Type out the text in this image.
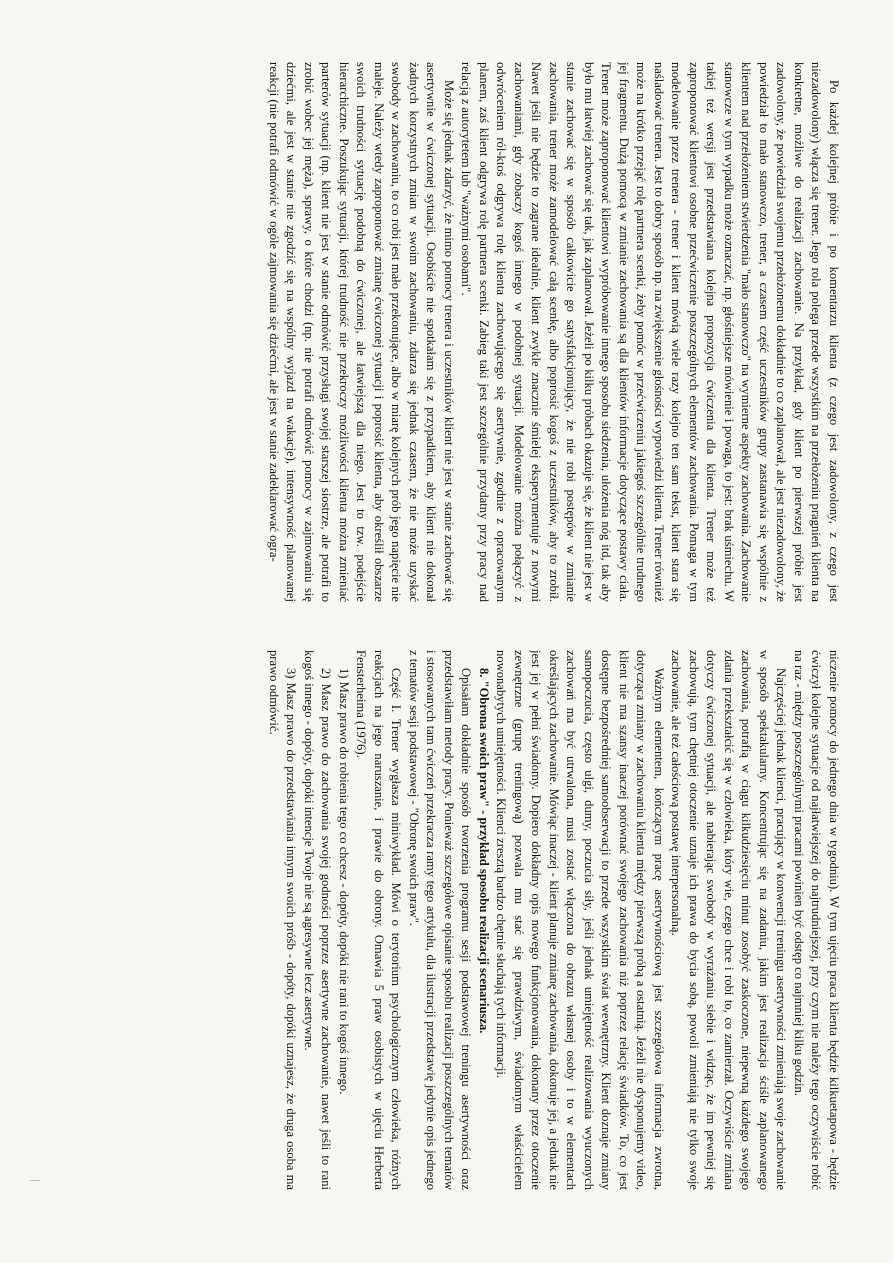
Po każdej kolejnej próbie i po komentarzu klienta (z czego jest zadowolony, z czego jest niezadowolony) włącza się trener. Jego rola polega przede wszystkim na przełożeniu pragnień klienta na konkretne, możliwe do realizacji zachowanie. Na przykład, gdy klient po pierwszej próbie jest zadowolony, że powiedział swojemu przełożonemu dokładnie to co zaplanował, ale jest niezadowolony, że powiedział to mało stanowczo, trener, a czasem część uczestników grupy zastanawia się wspólnie z klientem nad przełożeniem stwierdzenia "mało stanowczo" na wymierne aspekty zachowania. Zachowanie stanowcze w tym wypadku może oznaczać, np. głośniejsze mówienie i powaga, to jest: brak uśmiechu. W takiej też wersji jest przedstawiana kolejna propozycja ćwiczenia dla klienta. Trener może też zaproponować klientowi osobne przećwiczenie poszczególnych elementów zachowania. Pomaga w tym modelowanie przez trenera - trener i klient mówią wiele razy kolejno ten sam tekst, klient stara się naśladować trenera. Jest to dobry sposób np. na zwiększenie głośności wypowiedzi klienta. Trener również może na krótko przejąć rolę partnera scenki, żeby pomóc w przećwiczeniu jakiegoś szczególnie trudnego jej fragmentu. Dużą pomocą w zmianie zachowania są dla klientów informacje dotyczące postawy ciała. Trener może zaproponować klientowi wypróbowanie innego sposobu siedzenia, ułożenia nóg itd, tak aby było mu łatwiej zachować się tak, jak zaplanował. Jeżeli po kilku próbach okazuje się, że klient nie jest w stanie zachować się w sposób całkowicie go satysfakcjonujący, że nie robi postępów w zmianie zachowania, trener może zamodelować całą scenkę, albo poprosić kogoś z uczestników, aby to zrobił. Nawet jeśli nie będzie to zagrane idealnie, klient zwykle znacznie śmielej eksperymentuje z nowymi zachowaniami, gdy zobaczy kogoś innego w podobnej sytuacji. Modelowanie można połączyć z odwróceniem ról-ktoś odgrywa rolę klienta zachowującego się asertywnie, zgodnie z opracowanym planem, zaś klient odgrywa rolę partnera scenki. Zabieg taki jest szczególnie przydatny przy pracy nad relacją z autorytetem lub "ważnymi osobami".

Może się jednak zdarzyć, że mimo pomocy trenera i uczestników klient nie jest w stanie zachować się asertywnie w ćwiczonej sytuacji. Osobiście nie spotkałam się z przypadkiem, aby klient nie dokonał żadnych korzystnych zmian w swoim zachowaniu, zdarza się jednak czasem, że nie może uzyskać swobody w zachowaniu, to co robi jest mało przekonujące, albo w miarę kolejnych prób jego napięcie nie maleje. Należy wtedy zaproponować zmianę ćwiczonej sytuacji i poprosić klienta, aby określił obszarze swoich trudności sytuację podobną do ćwiczonej, ale łatwiejszą dla niego. Jest to tzw. podejście hierarchiczne. Poszukując sytuacji, której trudność nie przekroczy możliwości klienta można zmieniać parterów sytuacji (np. klient nie jest w stanie odmówić przysługi swojej starszej siostrze, ale potrafi to zrobić wobec jej męża), sprawy, o które chodzi (np. nie potrafi odmówić pomocy w zajmowaniu się dziećmi, ale jest w stanie nie zgodzić się na wspólny wyjazd na wakacje), intensywność planowanej reakcji (nie potrafi odmówić w ogóle zajmowania się dziećmi, ale jest w stanie zadeklarować ogra-

niczenie pomocy do jednego dnia w tygodniu). W tym ujęciu praca klienta będzie kilkuetapowa - będzie ćwiczył kolejne sytuacje od najłatwiejszej do najtrudniejszej, przy czym nie należy tego oczywiście robić na raz - między poszczególnymi pracami powinien być odstęp co najmniej kilku godzin.

Najczęściej jednak klienci, pracujący w konwencji treningu asertywności zmieniają swoje zachowanie w sposób spektakularny. Koncentrując się na zadaniu, jakim jest realizacja ściśle zaplanowanego zachowania, potrafią w ciągu kilkudziesięciu minut zosobyć zaskoczone, niepewną każdego swojego zdania przekształcić się w człowieka, który wie, czego chce i robi to, co zamierzał. Oczywiście zmiana dotyczy ćwiczonej sytuacji, ale nabierając swobody w wyrażaniu siebie i widząc, że im pewniej się zachowują, tym chętniej otoczenie uznaje ich prawa do bycia sobą, powoli zmieniają nie tylko swoje zachowanie, ale też całościową postawę interpersonalną.

Ważnym elementem, kończącym pracę asertywnościową jest szczegółowa informacja zwrotna, dotycząca zmiany w zachowaniu klienta między pierwszą próbą a ostatnią. Jeżeli nie dysponujemy video, klient nie ma szansy inaczej porównać swojego zachowania niż poprzez relację świadków. To, co jest dostępne bezpośredniej samoobserwacji to przede wszystkim świat wewnętrzny. Klient doznaje zmiany samopoczucia, często ulgi, dumy, poczucia siły, jeśli jednak umiejętność realizowania wyuczonych zachowań ma być utrwalona, musi zostać włączona do obrazu własnej osoby i to w elementach określających zachowanie. Mówiąc inaczej - klient planuje zmianę zachowania, dokonuje jej, a jednak nie jest jej w pełni świadomy. Dopiero dokładny opis nowego funkcjonowania, dokonany przez otoczenie zewnętrzne (grupę treningową) pozwala mu stać się prawdziwym, świadomym właścicielem nowonabytych umiejętności. Klienci zresztą bardzo chętnie słuchają tych informacji.

8. "Obrona swoich praw" - przykład sposobu realizacji scenariusza.

Opisałam dokładnie sposób tworzenia programu sesji podstawowej treningu asertywności oraz przedstawiłam metody pracy. Ponieważ szczegółowe opisanie sposobu realizacji poszczególnych tematów i stosowanych tam ćwiczeń przekracza ramy tego artykułu, dla ilustracji przedstawię jedynie opis jednego z tematów sesji podstawowej - "Obronę swoich praw".

Część I. Trener wygłasza miniwykład. Mówi o terytorium psychologicznym człowieka, różnych reakcjach na jego naruszanie, i prawie do obrony. Omawia 5 praw osobistych w ujęciu Herberta Fensterheima (1976).

1) Masz prawo do robienia tego co chcesz - dopóty, dopóki nie rani to kogoś innego.

2) Masz prawo do zachowania swojej godności poprzez asertywne zachowanie, nawet jeśli to rani kogoś innego - dopóty, dopóki intencje Twoje nie są agresywne lecz asertywne.

3) Masz prawo do przedstawiania innym swoich próśb - dopóty, dopóki uznajesz, że druga osoba ma prawo odmówić.
